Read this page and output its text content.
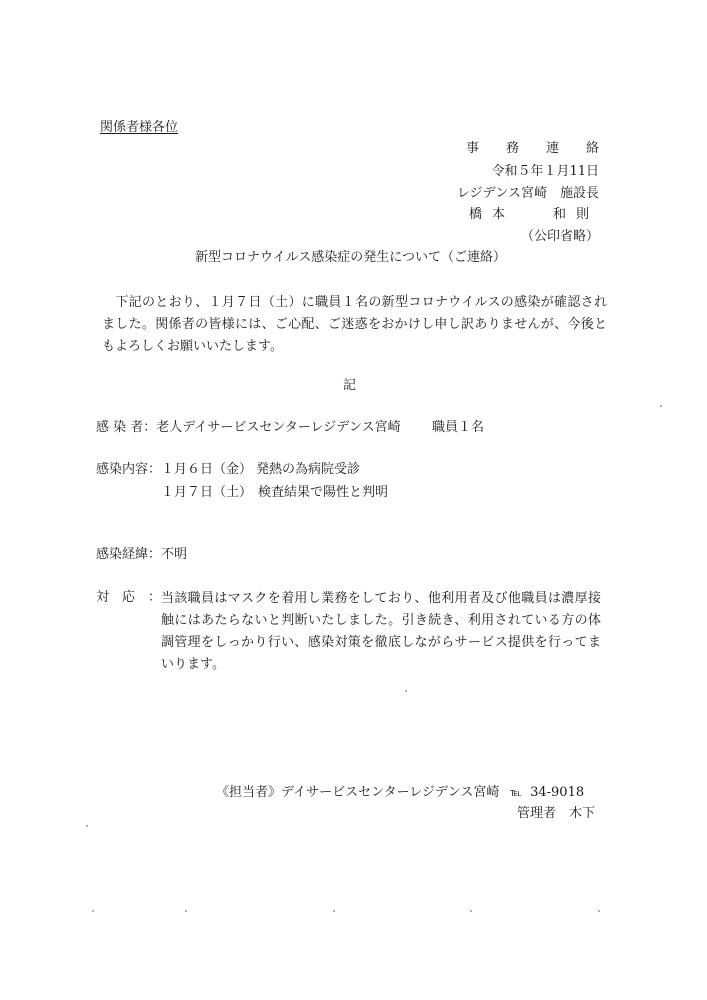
関係者様各位
事務連絡
令和５年１月11日
レジデンス宮崎　施設長
橋本	和則
（公印省略）
新型コロナウイルス感染症の発生について（ご連絡）
　下記のとおり、１月７日（土）に職員１名の新型コロナウイルスの感染が確認されました。関係者の皆様には、ご心配、ご迷惑をおかけし申し訳ありませんが、今後ともよろしくお願いいたします。
記
感 染 者：老人デイサービスセンターレジデンス宮崎 職員１名
感染内容：１月６日（金） 発熱の為病院受診
１月７日（土） 検査結果で陽性と判明
感染経緯：不明
対　応 ： 当該職員はマスクを着用し業務をしており、他利用者及び他職員は濃厚接触にはあたらないと判断いたしました。引き続き、利用されている方の体調管理をしっかり行い、感染対策を徹底しながらサービス提供を行ってまいります。
《担当者》デイサービスセンターレジデンス宮崎 ℡ 34-9018
管理者　木下
